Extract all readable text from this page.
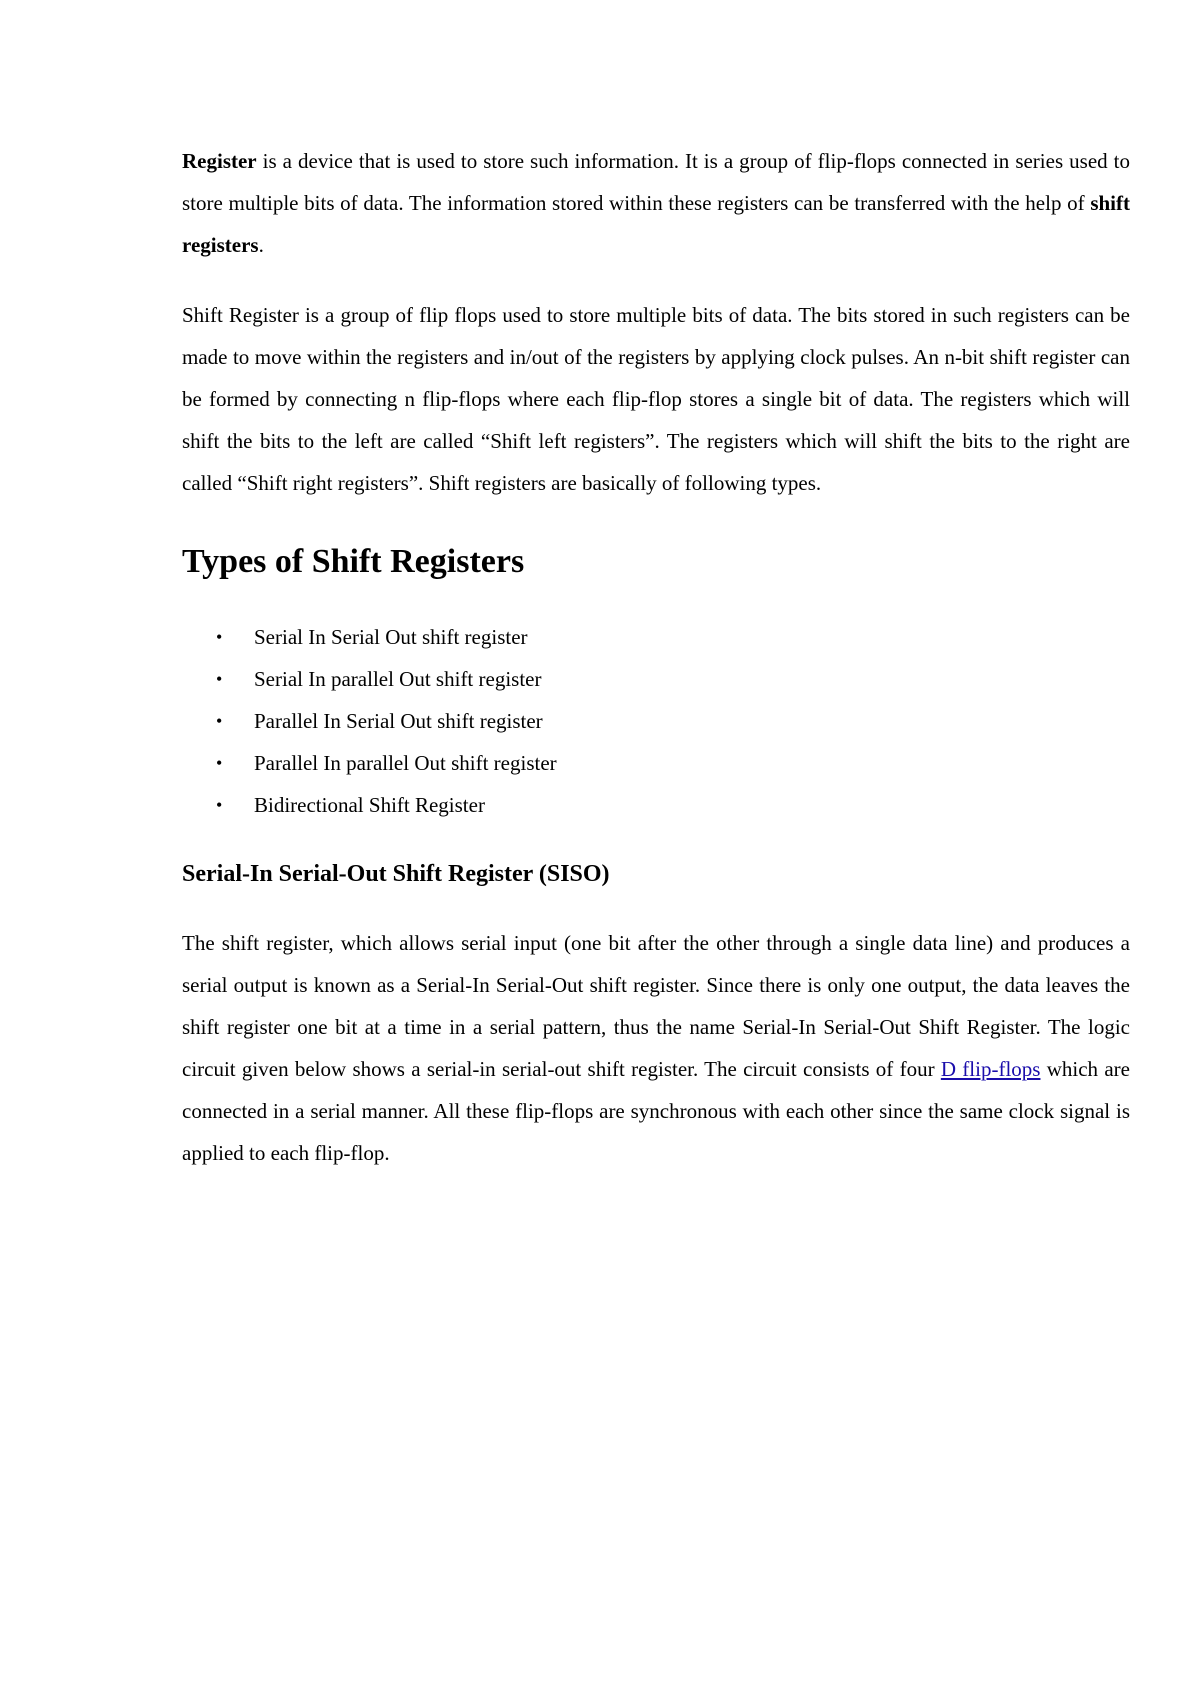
Register is a device that is used to store such information. It is a group of flip-flops connected in series used to store multiple bits of data. The information stored within these registers can be transferred with the help of shift registers.

Shift Register is a group of flip flops used to store multiple bits of data. The bits stored in such registers can be made to move within the registers and in/out of the registers by applying clock pulses. An n-bit shift register can be formed by connecting n flip-flops where each flip-flop stores a single bit of data. The registers which will shift the bits to the left are called “Shift left registers”. The registers which will shift the bits to the right are called “Shift right registers”. Shift registers are basically of following types.

Types of Shift Registers
• Serial In Serial Out shift register
• Serial In parallel Out shift register
• Parallel In Serial Out shift register
• Parallel In parallel Out shift register
• Bidirectional Shift Register
Serial-In Serial-Out Shift Register (SISO)

The shift register, which allows serial input (one bit after the other through a single data line) and produces a serial output is known as a Serial-In Serial-Out shift register. Since there is only one output, the data leaves the shift register one bit at a time in a serial pattern, thus the name Serial-In Serial-Out Shift Register. The logic circuit given below shows a serial-in serial-out shift register. The circuit consists of four D flip-flops which are connected in a serial manner. All these flip-flops are synchronous with each other since the same clock signal is applied to each flip-flop.
